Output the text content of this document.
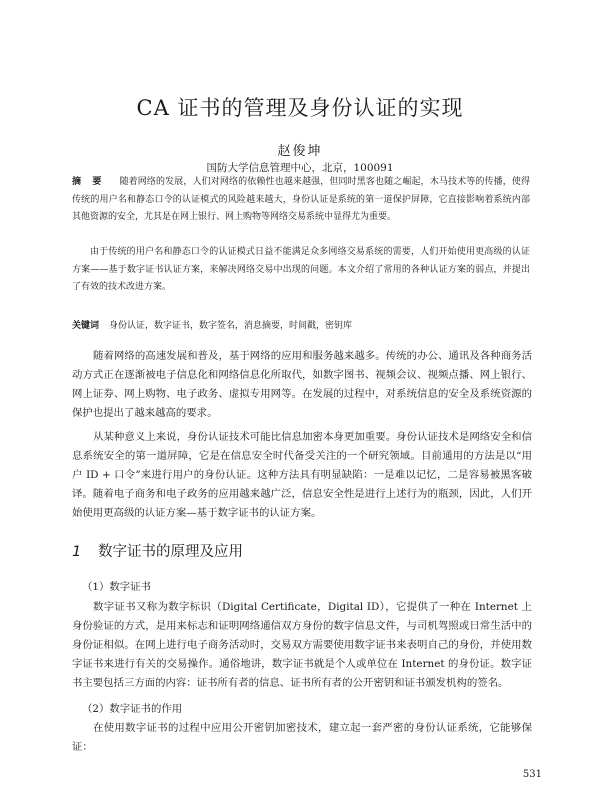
CA 证书的管理及身份认证的实现
赵俊坤
国防大学信息管理中心，北京，100091
摘 要 随着网络的发展，人们对网络的依赖性也越来越强，但同时黑客也随之崛起，木马技术等的传播，使得传统的用户名和静态口令的认证模式的风险越来越大，身份认证是系统的第一道保护屏障，它直接影响着系统内部其他资源的安全，尤其是在网上银行、网上购物等网络交易系统中显得尤为重要。
由于传统的用户名和静态口令的认证模式日益不能满足众多网络交易系统的需要，人们开始使用更高级的认证方案——基于数字证书认证方案，来解决网络交易中出现的问题。本文介绍了常用的各种认证方案的弱点，并提出了有效的技术改进方案。
关键词 身份认证，数字证书，数字签名，消息摘要，时间戳，密钥库
随着网络的高速发展和普及，基于网络的应用和服务越来越多。传统的办公、通讯及各种商务活动方式正在逐渐被电子信息化和网络信息化所取代，如数字图书、视频会议、视频点播、网上银行、网上证券、网上购物、电子政务、虚拟专用网等。在发展的过程中，对系统信息的安全及系统资源的保护也提出了越来越高的要求。
从某种意义上来说，身份认证技术可能比信息加密本身更加重要。身份认证技术是网络安全和信息系统安全的第一道屏障，它是在信息安全时代备受关注的一个研究领域。目前通用的方法是以“用户 ID + 口令”来进行用户的身份认证。这种方法具有明显缺陷：一是难以记忆，二是容易被黑客破译。随着电子商务和电子政务的应用越来越广泛，信息安全性是进行上述行为的瓶颈，因此，人们开始使用更高级的认证方案—基于数字证书的认证方案。
1 数字证书的原理及应用
（1）数字证书
数字证书又称为数字标识（Digital Certificate，Digital ID），它提供了一种在 Internet 上身份验证的方式，是用来标志和证明网络通信双方身份的数字信息文件，与司机驾照或日常生活中的身份证相似。在网上进行电子商务活动时，交易双方需要使用数字证书来表明自己的身份，并使用数字证书来进行有关的交易操作。通俗地讲，数字证书就是个人或单位在 Internet 的身份证。数字证书主要包括三方面的内容：证书所有者的信息、证书所有者的公开密钥和证书颁发机构的签名。
（2）数字证书的作用
在使用数字证书的过程中应用公开密钥加密技术，建立起一套严密的身份认证系统，它能够保证：
531
